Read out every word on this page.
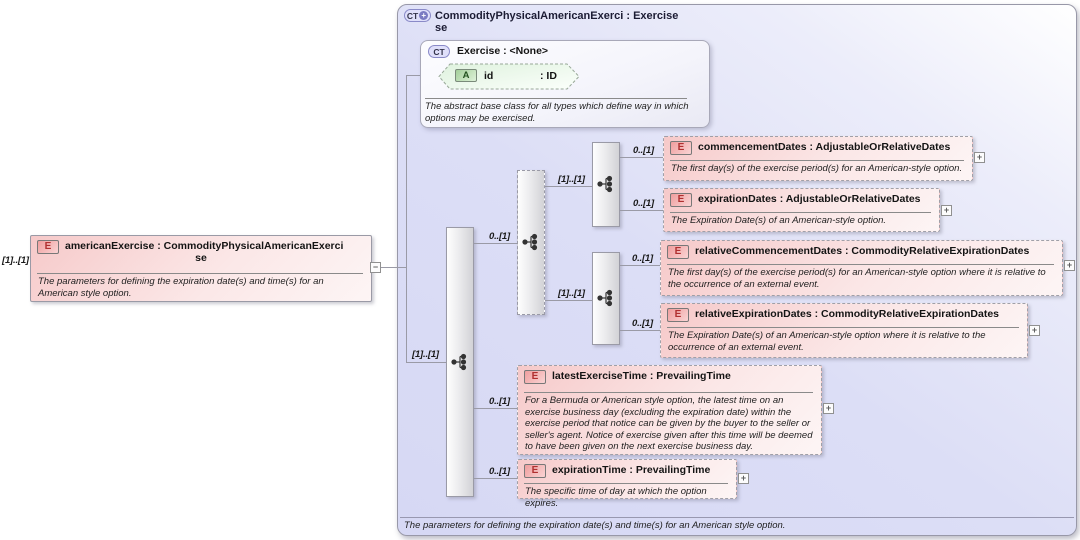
CT + CommodityPhysicalAmericanExerci : Exercise
se
The parameters for defining the expiration date(s) and time(s) for an American style option.
[1]..[1]
E	americanExercise : CommodityPhysicalAmericanExerci
se
The parameters for defining the expiration date(s) and time(s) for an American style option.
−
CT Exercise : <None>
The abstract base class for all types which define way in which options may be exercised.
A	id	: ID
[1]..[1]
0..[1]
[1]..[1]
[1]..[1]
0..[1]	E	commencementDates : AdjustableOrRelativeDates
The first day(s) of the exercise period(s) for an American-style option.
+
0..[1]	E	expirationDates : AdjustableOrRelativeDates
The Expiration Date(s) of an American-style option.
+
0..[1]
E	relativeCommencementDates : CommodityRelativeExpirationDates
The first day(s) of the exercise period(s) for an American-style option where it is relative to the occurrence of an external event.
+
0..[1]
E	relativeExpirationDates : CommodityRelativeExpirationDates
The Expiration Date(s) of an American-style option where it is relative to the occurrence of an external event.
+
0..[1]
E	latestExerciseTime : PrevailingTime
For a Bermuda or American style option, the latest time on an exercise business day (excluding the expiration date) within the exercise period that notice can be given by the buyer to the seller or seller's agent. Notice of exercise given after this time will be deemed to have been given on the next exercise business day.
+
0..[1]	E	expirationTime : PrevailingTime
The specific time of day at which the option expires.
+
